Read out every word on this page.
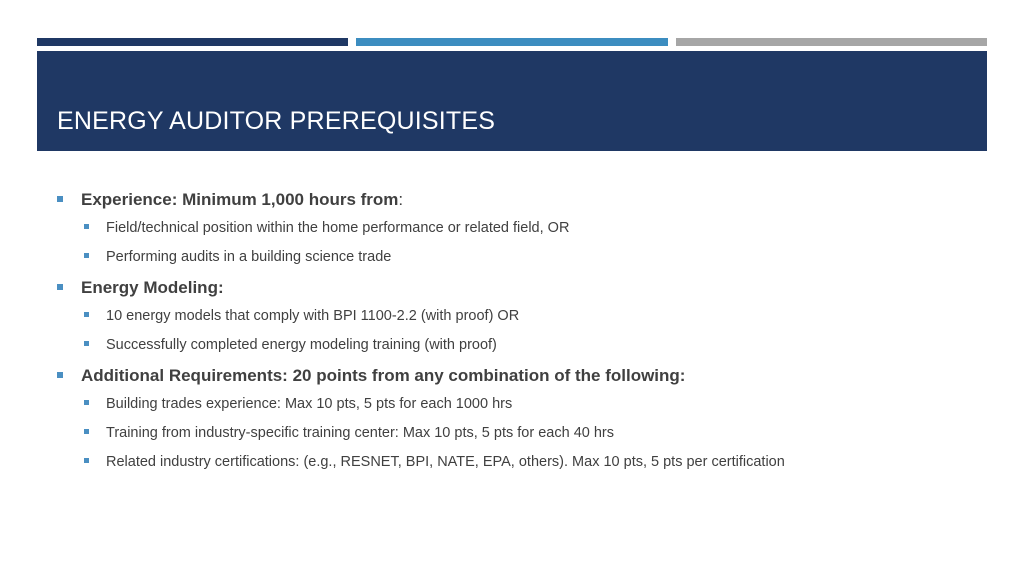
ENERGY AUDITOR PREREQUISITES
Experience: Minimum 1,000 hours from:
Field/technical position within the home performance or related field, OR
Performing audits in a building science trade
Energy Modeling:
10 energy models that comply with BPI 1100-2.2 (with proof) OR
Successfully completed energy modeling training (with proof)
Additional Requirements: 20 points from any combination of the following:
Building trades experience: Max 10 pts, 5 pts for each 1000 hrs
Training from industry-specific training center: Max 10 pts, 5 pts for each 40 hrs
Related industry certifications: (e.g., RESNET, BPI, NATE, EPA, others). Max 10 pts, 5 pts per certification
